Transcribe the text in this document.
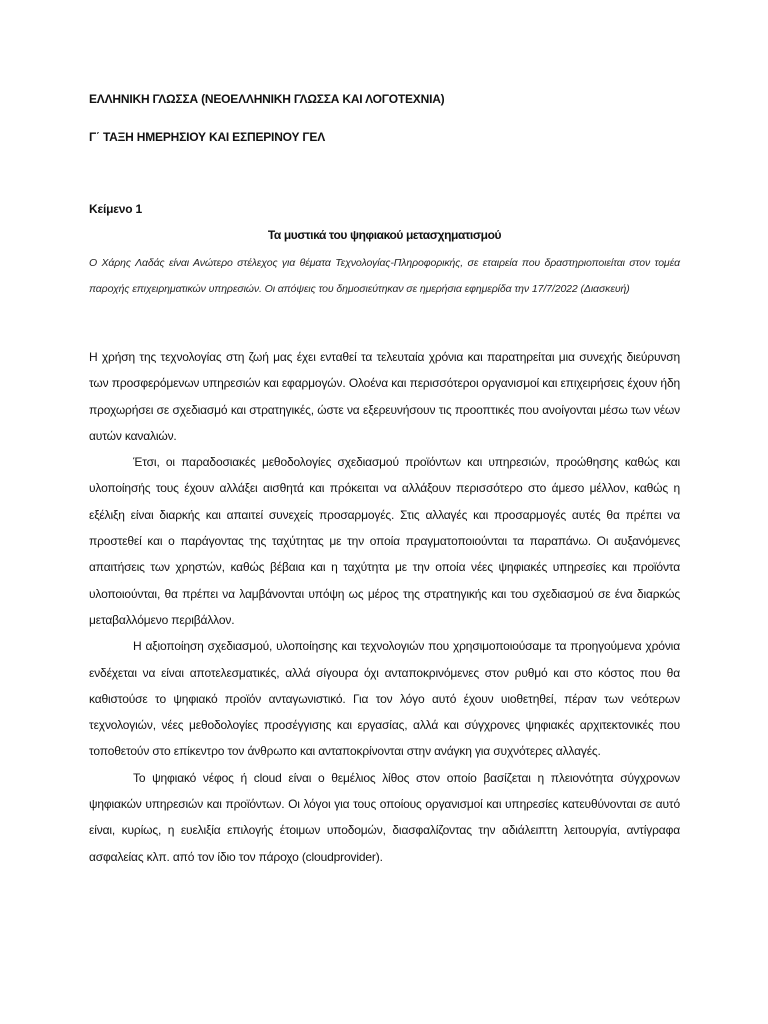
ΕΛΛΗΝΙΚΗ ΓΛΩΣΣΑ (ΝΕΟΕΛΛΗΝΙΚΗ ΓΛΩΣΣΑ ΚΑΙ ΛΟΓΟΤΕΧΝΙΑ)
Γ΄ ΤΑΞΗ ΗΜΕΡΗΣΙΟΥ ΚΑΙ ΕΣΠΕΡΙΝΟΥ ΓΕΛ
Κείμενο 1
Τα μυστικά του ψηφιακού μετασχηματισμού
Ο Χάρης Λαδάς είναι Ανώτερο στέλεχος για θέματα Τεχνολογίας-Πληροφορικής, σε εταιρεία που δραστηριοποιείται στον τομέα παροχής επιχειρηματικών υπηρεσιών. Οι απόψεις του δημοσιεύτηκαν σε ημερήσια εφημερίδα την 17/7/2022 (Διασκευή)

Η χρήση της τεχνολογίας στη ζωή μας έχει ενταθεί τα τελευταία χρόνια και παρατηρείται μια συνεχής διεύρυνση των προσφερόμενων υπηρεσιών και εφαρμογών. Ολοένα και περισσότεροι οργανισμοί και επιχειρήσεις έχουν ήδη προχωρήσει σε σχεδιασμό και στρατηγικές, ώστε να εξερευνήσουν τις προοπτικές που ανοίγονται μέσω των νέων αυτών καναλιών.

Έτσι, οι παραδοσιακές μεθοδολογίες σχεδιασμού προϊόντων και υπηρεσιών, προώθησης καθώς και υλοποίησής τους έχουν αλλάξει αισθητά και πρόκειται να αλλάξουν περισσότερο στο άμεσο μέλλον, καθώς η εξέλιξη είναι διαρκής και απαιτεί συνεχείς προσαρμογές. Στις αλλαγές και προσαρμογές αυτές θα πρέπει να προστεθεί και ο παράγοντας της ταχύτητας με την οποία πραγματοποιούνται τα παραπάνω. Οι αυξανόμενες απαιτήσεις των χρηστών, καθώς βέβαια και η ταχύτητα με την οποία νέες ψηφιακές υπηρεσίες και προϊόντα υλοποιούνται, θα πρέπει να λαμβάνονται υπόψη ως μέρος της στρατηγικής και του σχεδιασμού σε ένα διαρκώς μεταβαλλόμενο περιβάλλον.

Η αξιοποίηση σχεδιασμού, υλοποίησης και τεχνολογιών που χρησιμοποιούσαμε τα προηγούμενα χρόνια ενδέχεται να είναι αποτελεσματικές, αλλά σίγουρα όχι ανταποκρινόμενες στον ρυθμό και στο κόστος που θα καθιστούσε το ψηφιακό προϊόν ανταγωνιστικό. Για τον λόγο αυτό έχουν υιοθετηθεί, πέραν των νεότερων τεχνολογιών, νέες μεθοδολογίες προσέγγισης και εργασίας, αλλά και σύγχρονες ψηφιακές αρχιτεκτονικές που τοποθετούν στο επίκεντρο τον άνθρωπο και ανταποκρίνονται στην ανάγκη για συχνότερες αλλαγές.

Το ψηφιακό νέφος ή cloud είναι ο θεμέλιος λίθος στον οποίο βασίζεται η πλειονότητα σύγχρονων ψηφιακών υπηρεσιών και προϊόντων. Οι λόγοι για τους οποίους οργανισμοί και υπηρεσίες κατευθύνονται σε αυτό είναι, κυρίως, η ευελιξία επιλογής έτοιμων υποδομών, διασφαλίζοντας την αδιάλειπτη λειτουργία, αντίγραφα ασφαλείας κλπ. από τον ίδιο τον πάροχο (cloudprovider).
